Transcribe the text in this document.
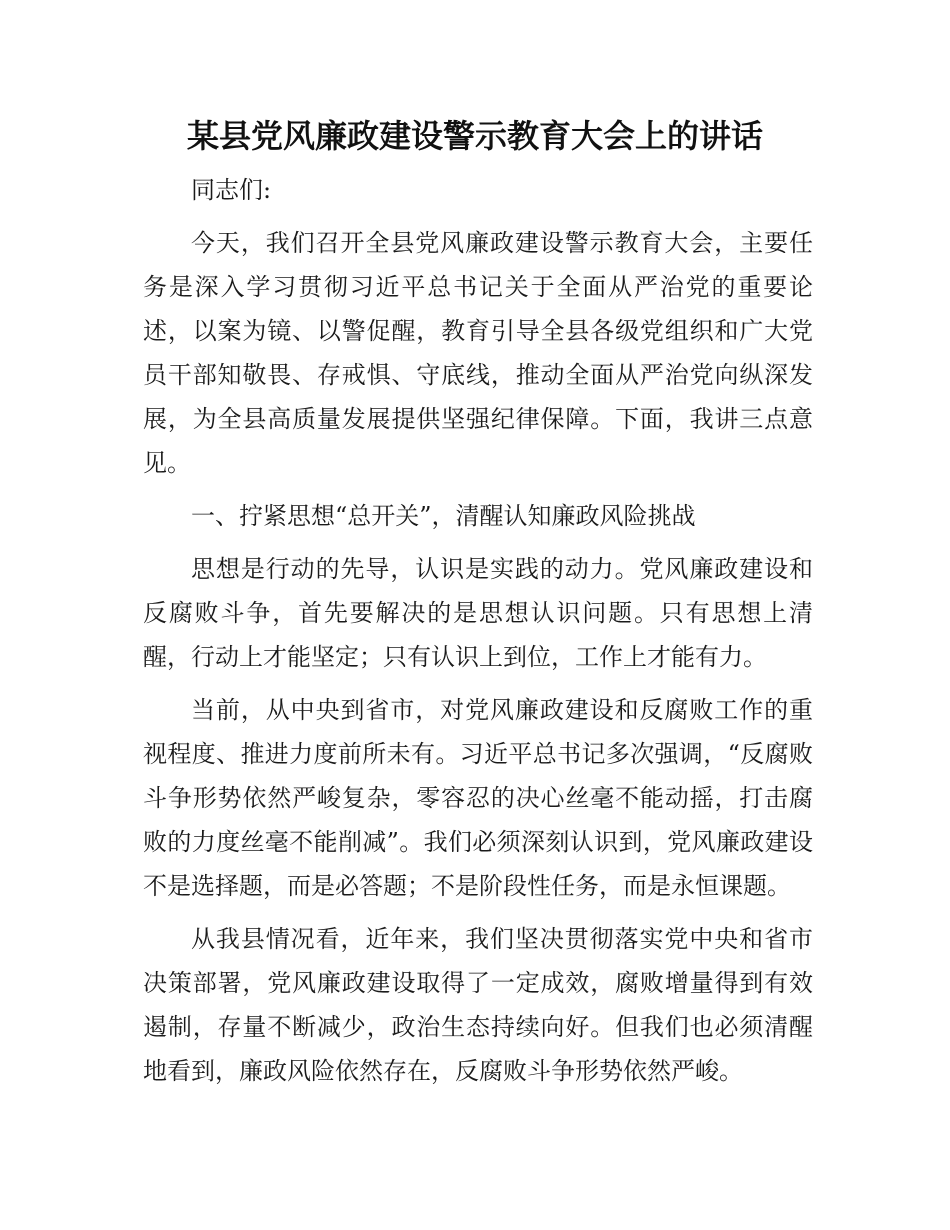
某县党风廉政建设警示教育大会上的讲话

同志们:

今天，我们召开全县党风廉政建设警示教育大会，主要任务是深入学习贯彻习近平总书记关于全面从严治党的重要论述，以案为镜、以警促醒，教育引导全县各级党组织和广大党员干部知敬畏、存戒惧、守底线，推动全面从严治党向纵深发展，为全县高质量发展提供坚强纪律保障。下面，我讲三点意见。

一、拧紧思想“总开关”，清醒认知廉政风险挑战

思想是行动的先导，认识是实践的动力。党风廉政建设和反腐败斗争，首先要解决的是思想认识问题。只有思想上清醒，行动上才能坚定；只有认识上到位，工作上才能有力。

当前，从中央到省市，对党风廉政建设和反腐败工作的重视程度、推进力度前所未有。习近平总书记多次强调，“反腐败斗争形势依然严峻复杂，零容忍的决心丝毫不能动摇，打击腐败的力度丝毫不能削减”。我们必须深刻认识到，党风廉政建设不是选择题，而是必答题；不是阶段性任务，而是永恒课题。

从我县情况看，近年来，我们坚决贯彻落实党中央和省市决策部署，党风廉政建设取得了一定成效，腐败增量得到有效遏制，存量不断减少，政治生态持续向好。但我们也必须清醒地看到，廉政风险依然存在，反腐败斗争形势依然严峻。
